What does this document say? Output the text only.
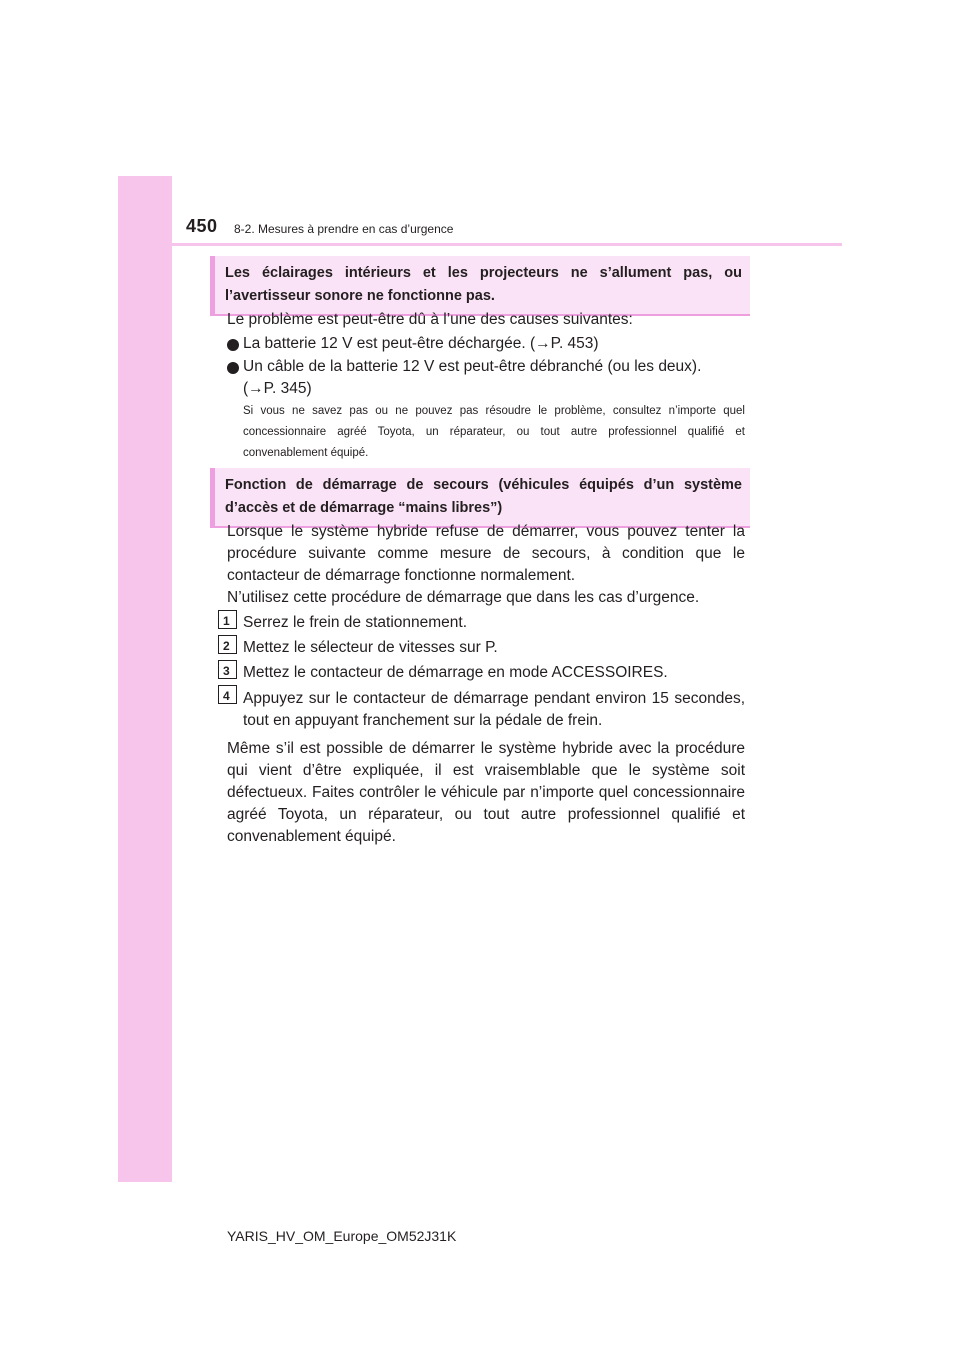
450 8-2. Mesures à prendre en cas d’urgence
Les éclairages intérieurs et les projecteurs ne s’allument pas, ou l’avertisseur sonore ne fonctionne pas.
Le problème est peut-être dû à l’une des causes suivantes:
La batterie 12 V est peut-être déchargée. (→P. 453)
Un câble de la batterie 12 V est peut-être débranché (ou les deux).
(→P. 345)
Si vous ne savez pas ou ne pouvez pas résoudre le problème, consultez n’importe quel concessionnaire agréé Toyota, un réparateur, ou tout autre professionnel qualifié et convenablement équipé.
Fonction de démarrage de secours (véhicules équipés d’un système d’accès et de démarrage “mains libres”)
Lorsque le système hybride refuse de démarrer, vous pouvez tenter la procédure suivante comme mesure de secours, à condition que le contacteur de démarrage fonctionne normalement.
N’utilisez cette procédure de démarrage que dans les cas d’urgence.
1 Serrez le frein de stationnement.
2 Mettez le sélecteur de vitesses sur P.
3 Mettez le contacteur de démarrage en mode ACCESSOIRES.
4 Appuyez sur le contacteur de démarrage pendant environ 15 secondes, tout en appuyant franchement sur la pédale de frein.
Même s’il est possible de démarrer le système hybride avec la procédure qui vient d’être expliquée, il est vraisemblable que le système soit défectueux. Faites contrôler le véhicule par n’importe quel concessionnaire agréé Toyota, un réparateur, ou tout autre professionnel qualifié et convenablement équipé.
YARIS_HV_OM_Europe_OM52J31K
